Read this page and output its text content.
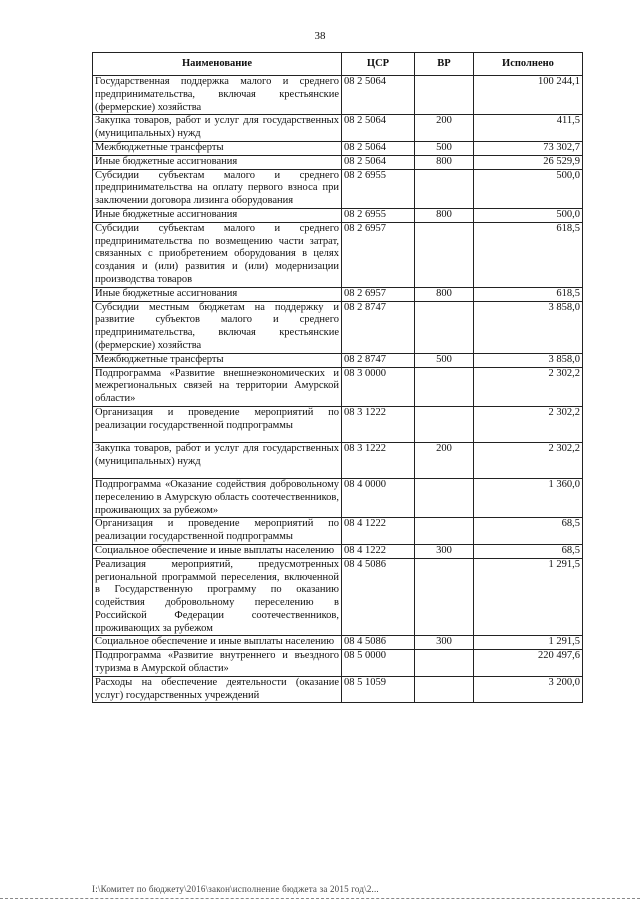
38
Наименование	ЦСР	ВР	Исполнено
Государственная поддержка малого и среднего предпринимательства, включая крестьянские (фермерские) хозяйства	08 2 5064		100 244,1
Закупка товаров, работ и услуг для государственных (муниципальных) нужд	08 2 5064	200	411,5
Межбюджетные трансферты	08 2 5064	500	73 302,7
Иные бюджетные ассигнования	08 2 5064	800	26 529,9
Субсидии субъектам малого и среднего предпринимательства на оплату первого взноса при заключении договора лизинга оборудования	08 2 6955		500,0
Иные бюджетные ассигнования	08 2 6955	800	500,0
Субсидии субъектам малого и среднего предпринимательства по возмещению части затрат, связанных с приобретением оборудования в целях создания и (или) развития и (или) модернизации производства товаров	08 2 6957		618,5
Иные бюджетные ассигнования	08 2 6957	800	618,5
Субсидии местным бюджетам на поддержку и развитие субъектов малого и среднего предпринимательства, включая крестьянские (фермерские) хозяйства	08 2 8747		3 858,0
Межбюджетные трансферты	08 2 8747	500	3 858,0
Подпрограмма «Развитие внешнеэкономических и межрегиональных связей на территории Амурской области»	08 3 0000		2 302,2
Организация и проведение мероприятий по реализации государственной подпрограммы	08 3 1222		2 302,2
Закупка товаров, работ и услуг для государственных (муниципальных) нужд	08 3 1222	200	2 302,2
Подпрограмма «Оказание содействия добровольному переселению в Амурскую область соотечественников, проживающих за рубежом»	08 4 0000		1 360,0
Организация и проведение мероприятий по реализации государственной подпрограммы	08 4 1222		68,5
Социальное обеспечение и иные выплаты населению	08 4 1222	300	68,5
Реализация мероприятий, предусмотренных региональной программой переселения, включенной в Государственную программу по оказанию содействия добровольному переселению в Российской Федерации соотечественников, проживающих за рубежом	08 4 5086		1 291,5
Социальное обеспечение и иные выплаты населению	08 4 5086	300	1 291,5
Подпрограмма «Развитие внутреннего и въездного туризма в Амурской области»	08 5 0000		220 497,6
Расходы на обеспечение деятельности (оказание услуг) государственных учреждений	08 5 1059		3 200,0
I:\Комитет по бюджету\2016\закон\исполнение бюджета за 2015 год\2...
